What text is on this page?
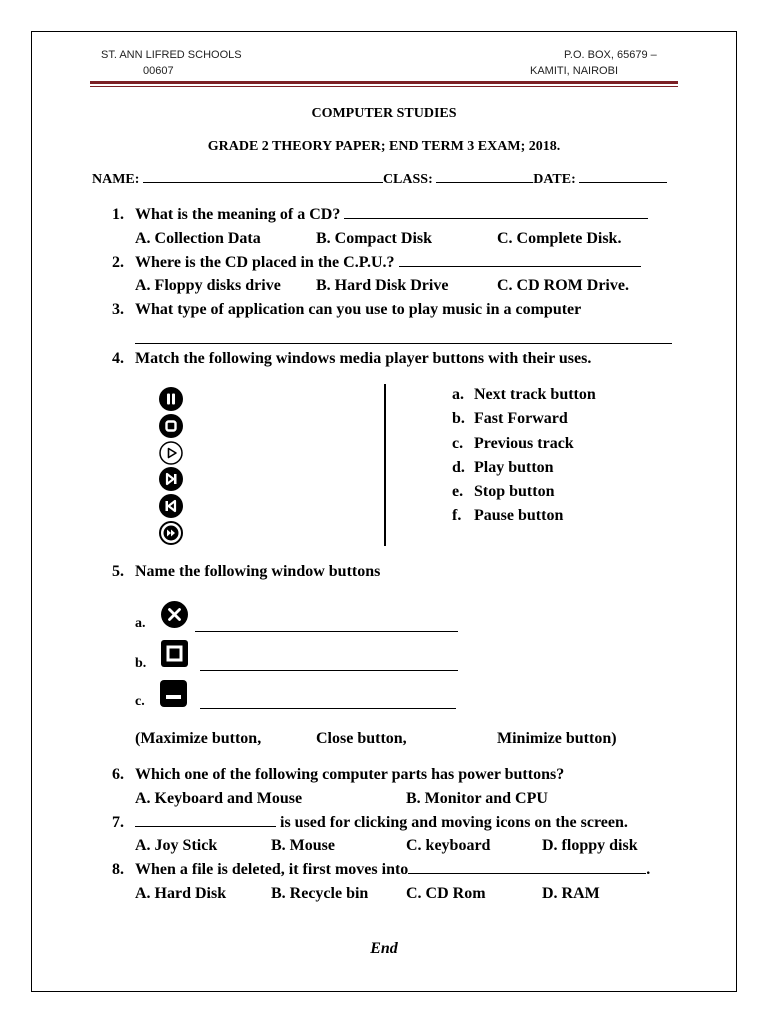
ST. ANN LIFRED SCHOOLS
00607
P.O. BOX, 65679 –
KAMITI, NAIROBI
COMPUTER STUDIES
GRADE 2 THEORY PAPER; END TERM 3 EXAM; 2018.
NAME:	CLASS:	DATE:
1. What is the meaning of a CD?
A. Collection Data	B. Compact Disk	C. Complete Disk.
2. Where is the CD placed in the C.P.U.?
A. Floppy disks drive B. Hard Disk Drive	C. CD ROM Drive.
3. What type of application can you use to play music in a computer
4. Match the following windows media player buttons with their uses.
a. Next track button
b. Fast Forward
c. Previous track
d. Play button
e. Stop button
f. Pause button
5. Name the following window buttons
a.
b.
c.
(Maximize button,	Close button,	Minimize button)
6. Which one of the following computer parts has power buttons?
A. Keyboard and Mouse	B. Monitor and CPU
7.	is used for clicking and moving icons on the screen.
A. Joy Stick	B. Mouse	C. keyboard	D. floppy disk
8. When a file is deleted, it first moves into	.
A. Hard Disk	B. Recycle bin C. CD Rom	D. RAM
End
